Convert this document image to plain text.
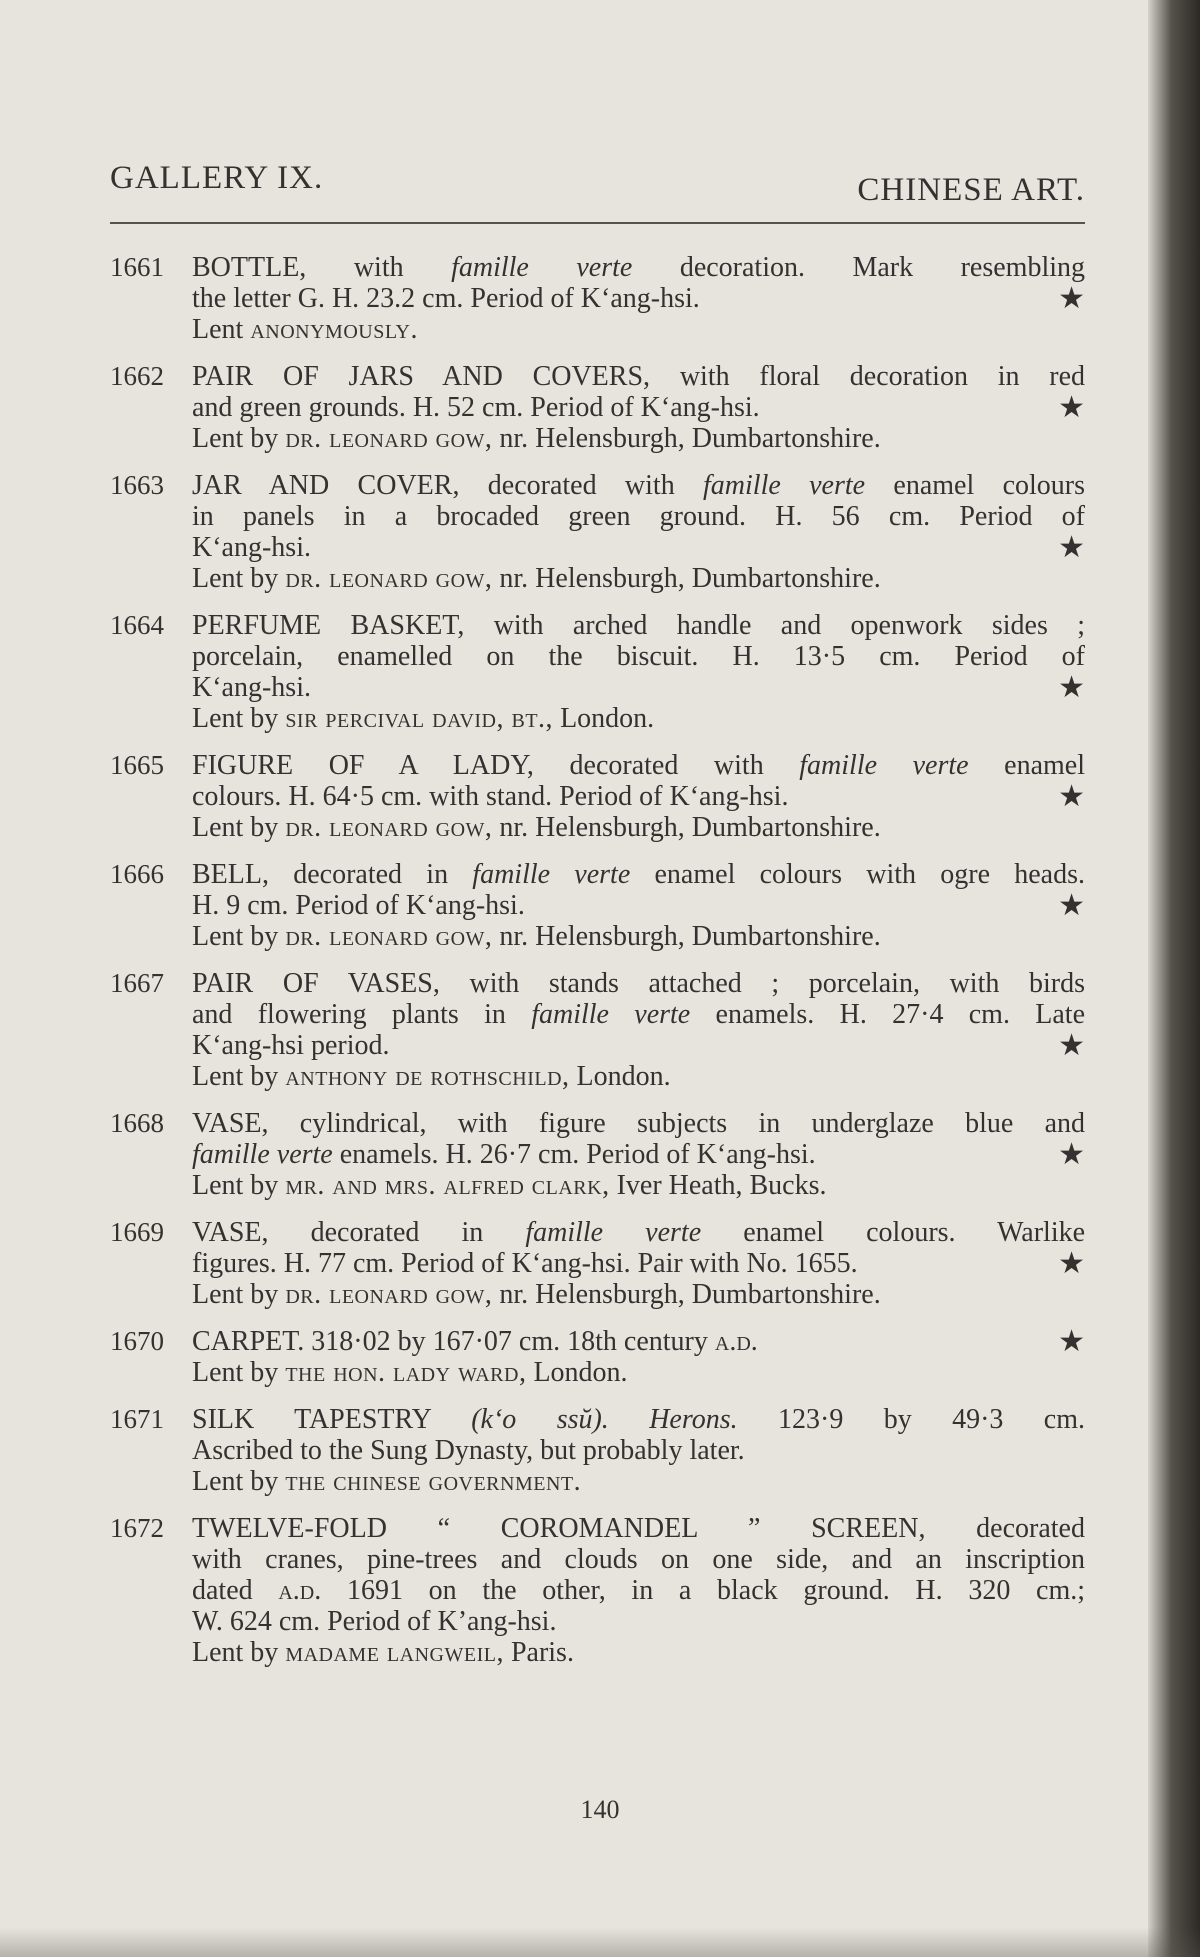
GALLERY IX.	CHINESE ART.
1661	BOTTLE, with famille verte decoration. Mark resembling
the letter G. H. 23.2 cm. Period of K‘ang-hsi.	★
Lent anonymously.
1662	PAIR OF JARS AND COVERS, with floral decoration in red
and green grounds. H. 52 cm. Period of K‘ang-hsi.	★
Lent by dr. leonard gow, nr. Helensburgh, Dumbartonshire.
1663	JAR AND COVER, decorated with famille verte enamel colours
in panels in a brocaded green ground. H. 56 cm. Period of
K‘ang-hsi.	★
Lent by dr. leonard gow, nr. Helensburgh, Dumbartonshire.
1664	PERFUME BASKET, with arched handle and openwork sides ;
porcelain, enamelled on the biscuit. H. 13·5 cm. Period of
K‘ang-hsi.	★
Lent by sir percival david, bt., London.
1665	FIGURE OF A LADY, decorated with famille verte enamel
colours. H. 64·5 cm. with stand. Period of K‘ang-hsi.	★
Lent by dr. leonard gow, nr. Helensburgh, Dumbartonshire.
1666	BELL, decorated in famille verte enamel colours with ogre heads.
H. 9 cm. Period of K‘ang-hsi.	★
Lent by dr. leonard gow, nr. Helensburgh, Dumbartonshire.
1667	PAIR OF VASES, with stands attached ; porcelain, with birds
and flowering plants in famille verte enamels. H. 27·4 cm. Late
K‘ang-hsi period.	★
Lent by anthony de rothschild, London.
1668	VASE, cylindrical, with figure subjects in underglaze blue and
famille verte enamels. H. 26·7 cm. Period of K‘ang-hsi.	★
Lent by mr. and mrs. alfred clark, Iver Heath, Bucks.
1669	VASE, decorated in famille verte enamel colours. Warlike
figures. H. 77 cm. Period of K‘ang-hsi. Pair with No. 1655.	★
Lent by dr. leonard gow, nr. Helensburgh, Dumbartonshire.
1670	CARPET. 318·02 by 167·07 cm. 18th century a.d.	★
Lent by the hon. lady ward, London.
1671	SILK TAPESTRY (k‘o ssŭ). Herons. 123·9 by 49·3 cm.
Ascribed to the Sung Dynasty, but probably later.
Lent by the chinese government.
1672	TWELVE-FOLD “ COROMANDEL ” SCREEN, decorated
with cranes, pine-trees and clouds on one side, and an inscription
dated a.d. 1691 on the other, in a black ground. H. 320 cm.;
W. 624 cm. Period of K’ang-hsi.
Lent by madame langweil, Paris.
140
